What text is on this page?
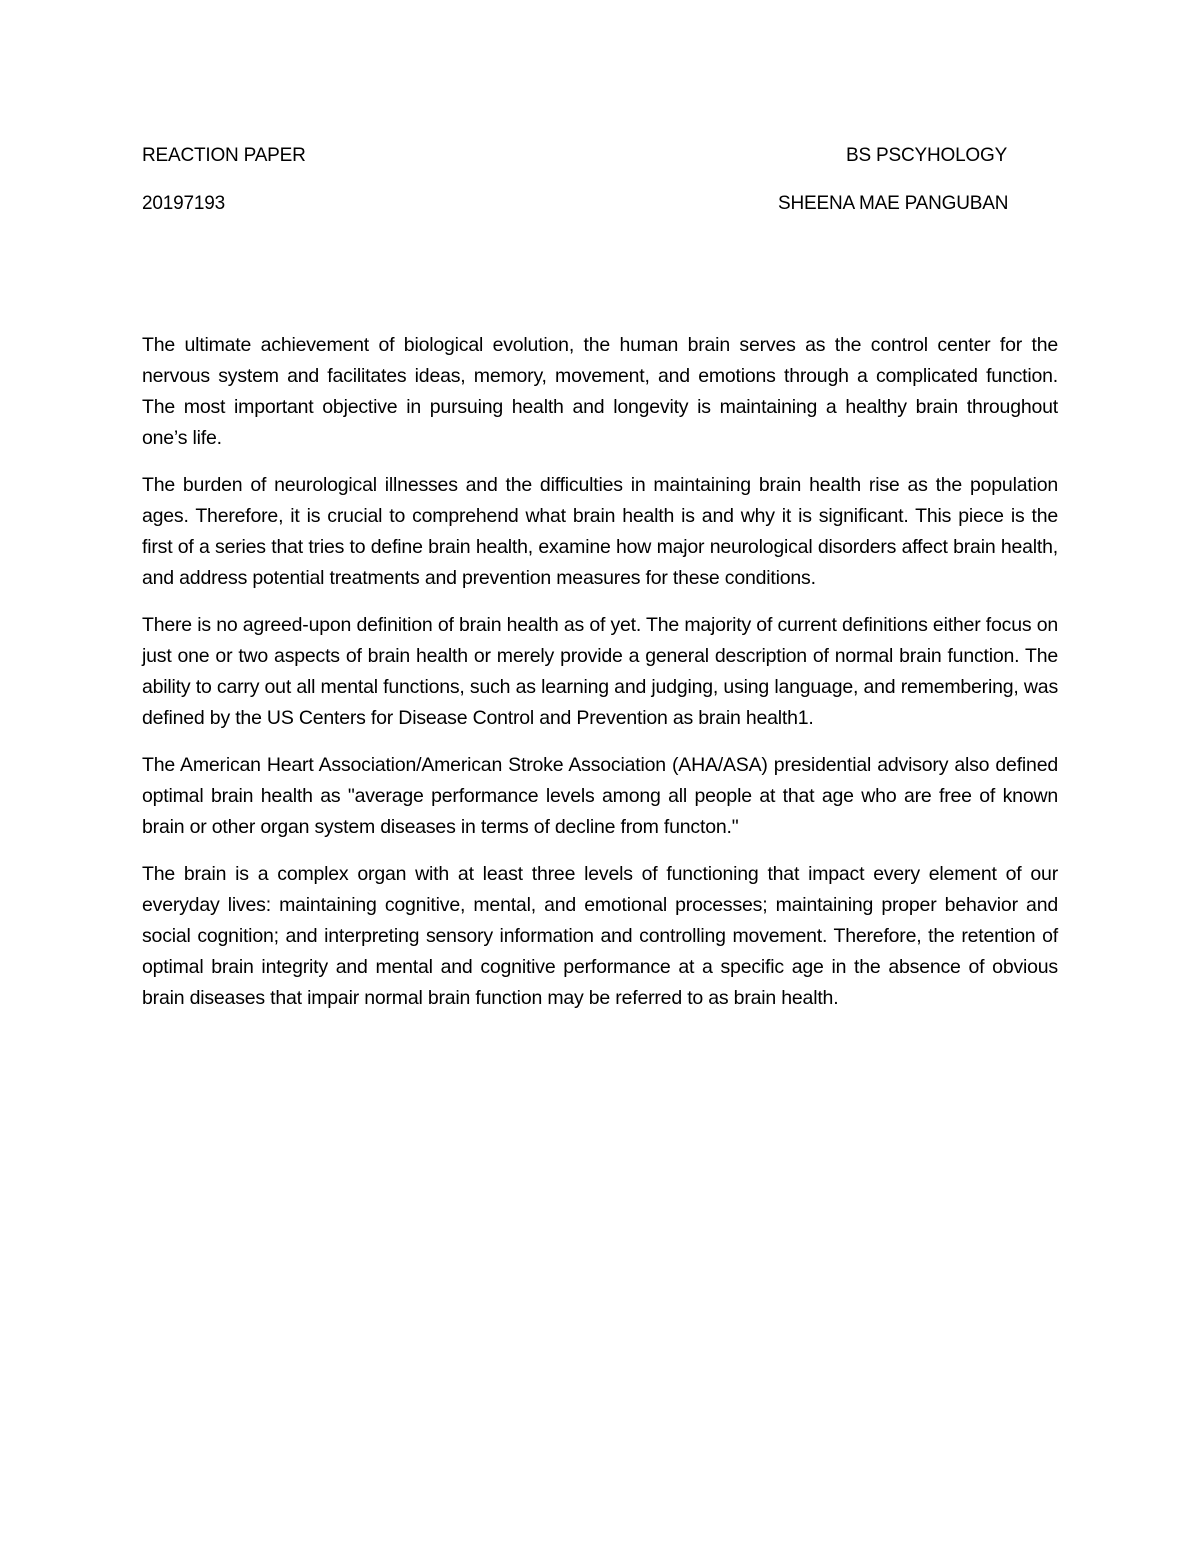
REACTION PAPER	BS PSCYHOLOGY
20197193	SHEENA MAE PANGUBAN

The ultimate achievement of biological evolution, the human brain serves as the control center for the nervous system and facilitates ideas, memory, movement, and emotions through a complicated function. The most important objective in pursuing health and longevity is maintaining a healthy brain throughout one’s life.

The burden of neurological illnesses and the difficulties in maintaining brain health rise as the population ages. Therefore, it is crucial to comprehend what brain health is and why it is significant. This piece is the first of a series that tries to define brain health, examine how major neurological disorders affect brain health, and address potential treatments and prevention measures for these conditions.

There is no agreed-upon definition of brain health as of yet. The majority of current definitions either focus on just one or two aspects of brain health or merely provide a general description of normal brain function. The ability to carry out all mental functions, such as learning and judging, using language, and remembering, was defined by the US Centers for Disease Control and Prevention as brain health1.

The American Heart Association/American Stroke Association (AHA/ASA) presidential advisory also defined optimal brain health as "average performance levels among all people at that age who are free of known brain or other organ system diseases in terms of decline from functon."

The brain is a complex organ with at least three levels of functioning that impact every element of our everyday lives: maintaining cognitive, mental, and emotional processes; maintaining proper behavior and social cognition; and interpreting sensory information and controlling movement. Therefore, the retention of optimal brain integrity and mental and cognitive performance at a specific age in the absence of obvious brain diseases that impair normal brain function may be referred to as brain health.
